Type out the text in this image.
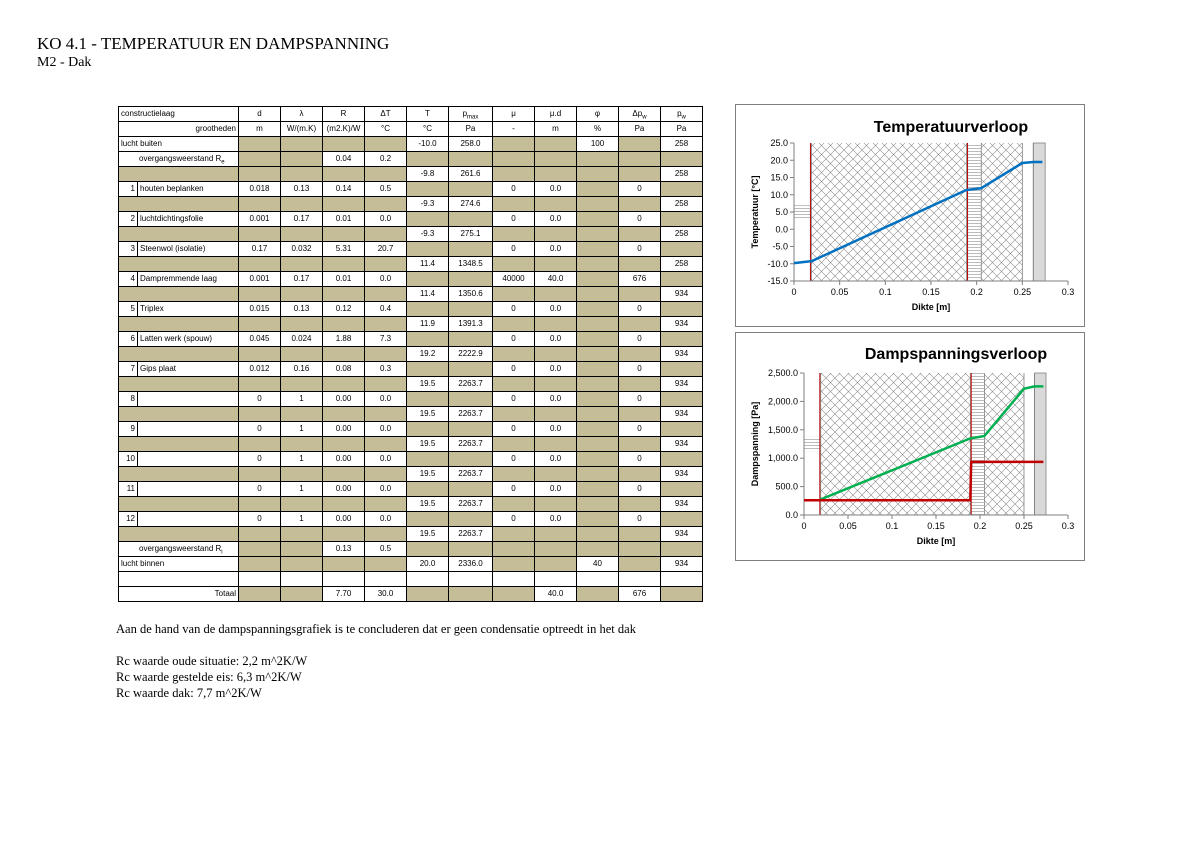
KO 4.1 - TEMPERATUUR EN DAMPSPANNING
M2 - Dak
constructielaag	d	λ	R	ΔT	T	$p_{max}$	μ	μ.d	φ	$\Delta p_w$	$p_w$
grootheden	m	W/(m.K)	(m2.K)/W	°C	°C	Pa	-	m	%	Pa	Pa
lucht buiten					-10.0	258.0			100		258
overgangsweerstand $R_e$			0.04	0.2							
					-9.8	261.6					258
1 houten beplanken	0.018	0.13	0.14	0.5			0	0.0		0	
					-9.3	274.6					258
2 luchtdichtingsfolie	0.001	0.17	0.01	0.0			0	0.0		0	
					-9.3	275.1					258
3 Steenwol (isolatie)	0.17	0.032	5.31	20.7			0	0.0		0	
					11.4	1348.5					258
4 Dampremmende laag	0.001	0.17	0.01	0.0			40000	40.0		676	
					11.4	1350.6					934
5 Triplex	0.015	0.13	0.12	0.4			0	0.0		0	
					11.9	1391.3					934
6 Latten werk (spouw)	0.045	0.024	1.88	7.3			0	0.0		0	
					19.2	2222.9					934
7 Gips plaat	0.012	0.16	0.08	0.3			0	0.0		0	
					19.5	2263.7					934
8	0	1	0.00	0.0			0	0.0		0	
					19.5	2263.7					934
9	0	1	0.00	0.0			0	0.0		0	
					19.5	2263.7					934
10	0	1	0.00	0.0			0	0.0		0	
					19.5	2263.7					934
11	0	1	0.00	0.0			0	0.0		0	
					19.5	2263.7					934
12	0	1	0.00	0.0			0	0.0		0	
					19.5	2263.7					934
overgangsweerstand $R_i$			0.13	0.5							
lucht binnen					20.0	2336.0			40		934

Totaal			7.70	30.0				40.0		676	

Aan de hand van de dampspanningsgrafiek is te concluderen dat er geen condensatie optreedt in het dak

Rc waarde oude situatie: 2,2 m^2K/W

Rc waarde gestelde eis: 6,3 m^2K/W

Rc waarde dak: 7,7 m^2K/W

Temperatuurverloop
25.0
20.0
15.0
10.0
5.0
0.0
-5.0
-10.0
-15.0
0	0.05	0.1	0.15	0.2	0.25	0.3
Dikte [m]
Temperatuur [°C]
Dampspanningsverloop
2,500.0
2,000.0
1,500.0
1,000.0
500.0
0.0
0	0.05	0.1	0.15	0.2	0.25	0.3
Dikte [m]
Dampspanning [Pa]
